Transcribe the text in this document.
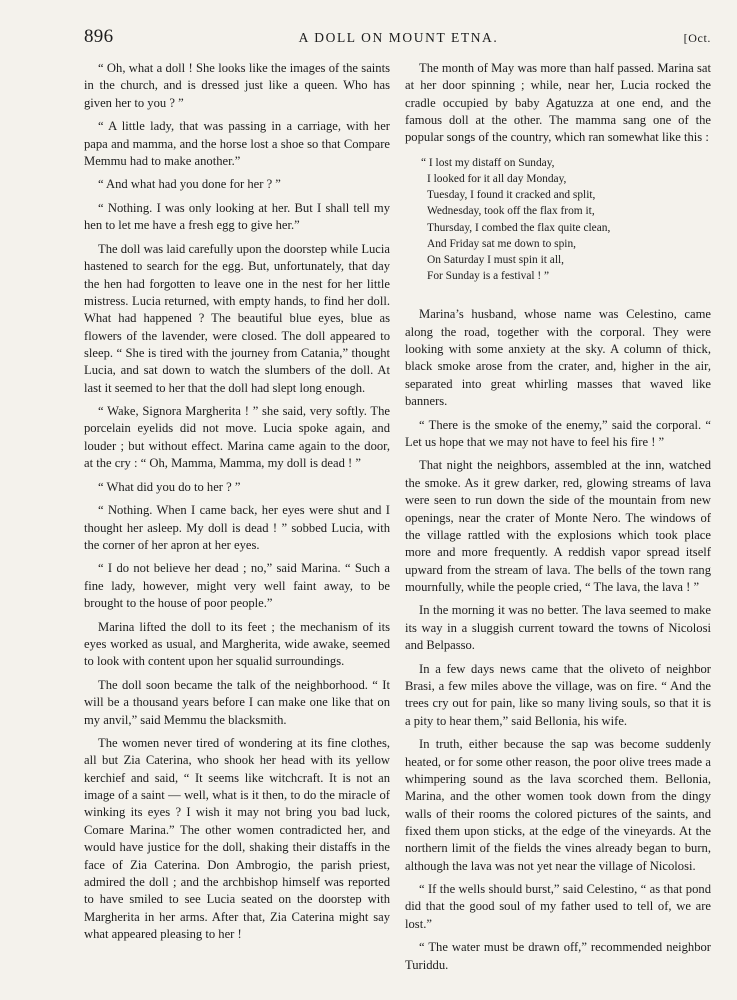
896	A DOLL ON MOUNT ETNA.	[Oct.

“ Oh, what a doll ! She looks like the images of the saints in the church, and is dressed just like a queen. Who has given her to you ? ”

“ A little lady, that was passing in a carriage, with her papa and mamma, and the horse lost a shoe so that Compare Memmu had to make another.”

“ And what had you done for her ? ”

“ Nothing. I was only looking at her. But I shall tell my hen to let me have a fresh egg to give her.”

The doll was laid carefully upon the doorstep while Lucia hastened to search for the egg. But, unfortunately, that day the hen had forgotten to leave one in the nest for her little mistress. Lucia returned, with empty hands, to find her doll. What had happened ? The beautiful blue eyes, blue as flowers of the lavender, were closed. The doll appeared to sleep. “ She is tired with the journey from Catania,” thought Lucia, and sat down to watch the slumbers of the doll. At last it seemed to her that the doll had slept long enough.

“ Wake, Signora Margherita ! ” she said, very softly. The porcelain eyelids did not move. Lucia spoke again, and louder ; but without effect. Marina came again to the door, at the cry : “ Oh, Mamma, Mamma, my doll is dead ! ”

“ What did you do to her ? ”

“ Nothing. When I came back, her eyes were shut and I thought her asleep. My doll is dead ! ” sobbed Lucia, with the corner of her apron at her eyes.

“ I do not believe her dead ; no,” said Marina. “ Such a fine lady, however, might very well faint away, to be brought to the house of poor people.”

Marina lifted the doll to its feet ; the mechanism of its eyes worked as usual, and Margherita, wide awake, seemed to look with content upon her squalid surroundings.

The doll soon became the talk of the neighborhood. “ It will be a thousand years before I can make one like that on my anvil,” said Memmu the blacksmith.

The women never tired of wondering at its fine clothes, all but Zia Caterina, who shook her head with its yellow kerchief and said, “ It seems like witchcraft. It is not an image of a saint — well, what is it then, to do the miracle of winking its eyes ? I wish it may not bring you bad luck, Comare Marina.” The other women contradicted her, and would have justice for the doll, shaking their distaffs in the face of Zia Caterina. Don Ambrogio, the parish priest, admired the doll ; and the archbishop himself was reported to have smiled to see Lucia seated on the doorstep with Margherita in her arms. After that, Zia Caterina might say what appeared pleasing to her !

The month of May was more than half passed. Marina sat at her door spinning ; while, near her, Lucia rocked the cradle occupied by baby Agatuzza at one end, and the famous doll at the other. The mamma sang one of the popular songs of the country, which ran somewhat like this :

“ I lost my distaff on Sunday,
I looked for it all day Monday,
Tuesday, I found it cracked and split,
Wednesday, took off the flax from it,
Thursday, I combed the flax quite clean,
And Friday sat me down to spin,
On Saturday I must spin it all,
For Sunday is a festival ! ”

Marina’s husband, whose name was Celestino, came along the road, together with the corporal. They were looking with some anxiety at the sky. A column of thick, black smoke arose from the crater, and, higher in the air, separated into great whirling masses that waved like banners.

“ There is the smoke of the enemy,” said the corporal. “ Let us hope that we may not have to feel his fire ! ”

That night the neighbors, assembled at the inn, watched the smoke. As it grew darker, red, glowing streams of lava were seen to run down the side of the mountain from new openings, near the crater of Monte Nero. The windows of the village rattled with the explosions which took place more and more frequently. A reddish vapor spread itself upward from the stream of lava. The bells of the town rang mournfully, while the people cried, “ The lava, the lava ! ”

In the morning it was no better. The lava seemed to make its way in a sluggish current toward the towns of Nicolosi and Belpasso.

In a few days news came that the oliveto of neighbor Brasi, a few miles above the village, was on fire. “ And the trees cry out for pain, like so many living souls, so that it is a pity to hear them,” said Bellonia, his wife.

In truth, either because the sap was become suddenly heated, or for some other reason, the poor olive trees made a whimpering sound as the lava scorched them. Bellonia, Marina, and the other women took down from the dingy walls of their rooms the colored pictures of the saints, and fixed them upon sticks, at the edge of the vineyards. At the northern limit of the fields the vines already began to burn, although the lava was not yet near the village of Nicolosi.

“ If the wells should burst,” said Celestino, “ as that pond did that the good soul of my father used to tell of, we are lost.”

“ The water must be drawn off,” recommended neighbor Turiddu.
